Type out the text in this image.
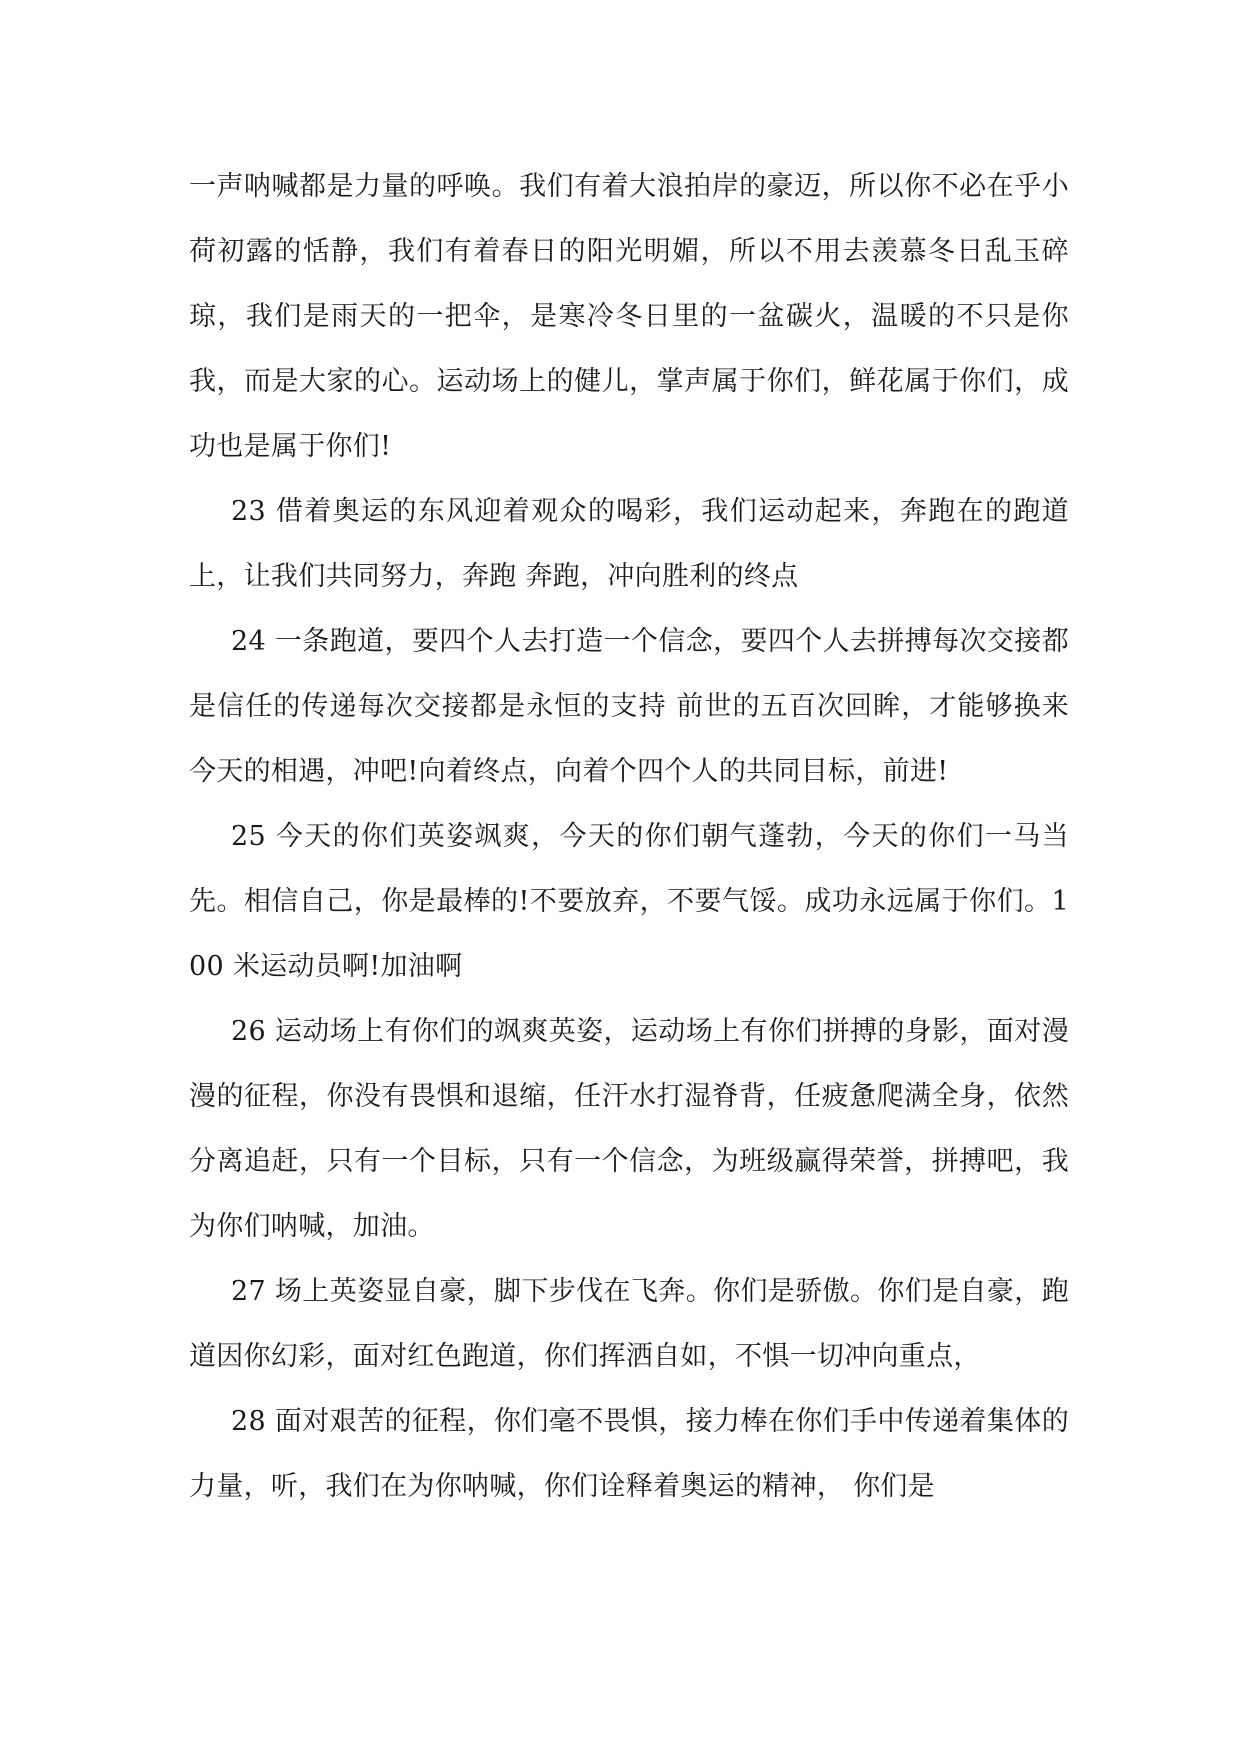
一声呐喊都是力量的呼唤。我们有着大浪拍岸的豪迈，所以你不必在乎小荷初露的恬静，我们有着春日的阳光明媚，所以不用去羡慕冬日乱玉碎琼，我们是雨天的一把伞，是寒冷冬日里的一盆碳火，温暖的不只是你我，而是大家的心。运动场上的健儿，掌声属于你们，鲜花属于你们，成功也是属于你们!

23 借着奥运的东风迎着观众的喝彩，我们运动起来，奔跑在的跑道上，让我们共同努力，奔跑 奔跑，冲向胜利的终点

24 一条跑道，要四个人去打造一个信念，要四个人去拼搏每次交接都是信任的传递每次交接都是永恒的支持 前世的五百次回眸，才能够换来今天的相遇，冲吧!向着终点，向着个四个人的共同目标，前进!

25 今天的你们英姿飒爽，今天的你们朝气蓬勃，今天的你们一马当先。相信自己，你是最棒的!不要放弃，不要气馁。成功永远属于你们。100 米运动员啊!加油啊

26 运动场上有你们的飒爽英姿，运动场上有你们拼搏的身影，面对漫漫的征程，你没有畏惧和退缩，任汗水打湿脊背，任疲惫爬满全身，依然分离追赶，只有一个目标，只有一个信念，为班级赢得荣誉，拼搏吧，我为你们呐喊，加油。

27 场上英姿显自豪，脚下步伐在飞奔。你们是骄傲。你们是自豪，跑道因你幻彩，面对红色跑道，你们挥洒自如，不惧一切冲向重点，

28 面对艰苦的征程，你们毫不畏惧，接力棒在你们手中传递着集体的力量，听，我们在为你呐喊，你们诠释着奥运的精神， 你们是
